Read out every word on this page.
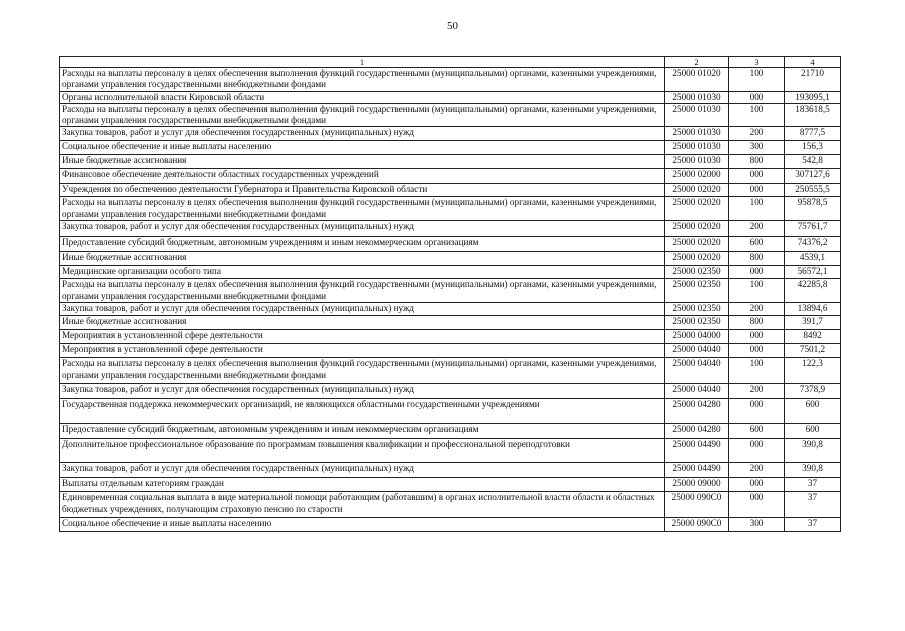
50
1	2	3	4
Расходы на выплаты персоналу в целях обеспечения выполнения функций государственными (муниципальными) органами, казенными учреждениями, органами управления государственными внебюджетными фондами	25000 01020	100	21710
Органы исполнительной власти Кировской области	25000 01030	000	193095,1
Расходы на выплаты персоналу в целях обеспечения выполнения функций государственными (муниципальными) органами, казенными учреждениями, органами управления государственными внебюджетными фондами	25000 01030	100	183618,5
Закупка товаров, работ и услуг для обеспечения государственных (муниципальных) нужд	25000 01030	200	8777,5
Социальное обеспечение и иные выплаты населению	25000 01030	300	156,3
Иные бюджетные ассигнования	25000 01030	800	542,8
Финансовое обеспечение деятельности областных государственных учреждений	25000 02000	000	307127,6
Учреждения по обеспечению деятельности Губернатора и Правительства Кировской области	25000 02020	000	250555,5
Расходы на выплаты персоналу в целях обеспечения выполнения функций государственными (муниципальными) органами, казенными учреждениями, органами управления государственными внебюджетными фондами	25000 02020	100	95878,5
Закупка товаров, работ и услуг для обеспечения государственных (муниципальных) нужд	25000 02020	200	75761,7
Предоставление субсидий бюджетным, автономным учреждениям и иным некоммерческим организациям	25000 02020	600	74376,2
Иные бюджетные ассигнования	25000 02020	800	4539,1
Медицинские организации особого типа	25000 02350	000	56572,1
Расходы на выплаты персоналу в целях обеспечения выполнения функций государственными (муниципальными) органами, казенными учреждениями, органами управления государственными внебюджетными фондами	25000 02350	100	42285,8
Закупка товаров, работ и услуг для обеспечения государственных (муниципальных) нужд	25000 02350	200	13894,6
Иные бюджетные ассигнования	25000 02350	800	391,7
Мероприятия в установленной сфере деятельности	25000 04000	000	8492
Мероприятия в установленной сфере деятельности	25000 04040	000	7501,2
Расходы на выплаты персоналу в целях обеспечения выполнения функций государственными (муниципальными) органами, казенными учреждениями, органами управления государственными внебюджетными фондами	25000 04040	100	122,3
Закупка товаров, работ и услуг для обеспечения государственных (муниципальных) нужд	25000 04040	200	7378,9
Государственная поддержка некоммерческих организаций, не являющихся областными государственными учреждениями	25000 04280	000	600
Предоставление субсидий бюджетным, автономным учреждениям и иным некоммерческим организациям	25000 04280	600	600
Дополнительное профессиональное образование по программам повышения квалификации и профессиональной переподготовки	25000 04490	000	390,8
Закупка товаров, работ и услуг для обеспечения государственных (муниципальных) нужд	25000 04490	200	390,8
Выплаты отдельным категориям граждан	25000 09000	000	37
Единовременная социальная выплата в виде материальной помощи работающим (работавшим) в органах исполнительной власти области и областных бюджетных учреждениях, получающим страховую пенсию по старости	25000 090С0	000	37
Социальное обеспечение и иные выплаты населению	25000 090С0	300	37
